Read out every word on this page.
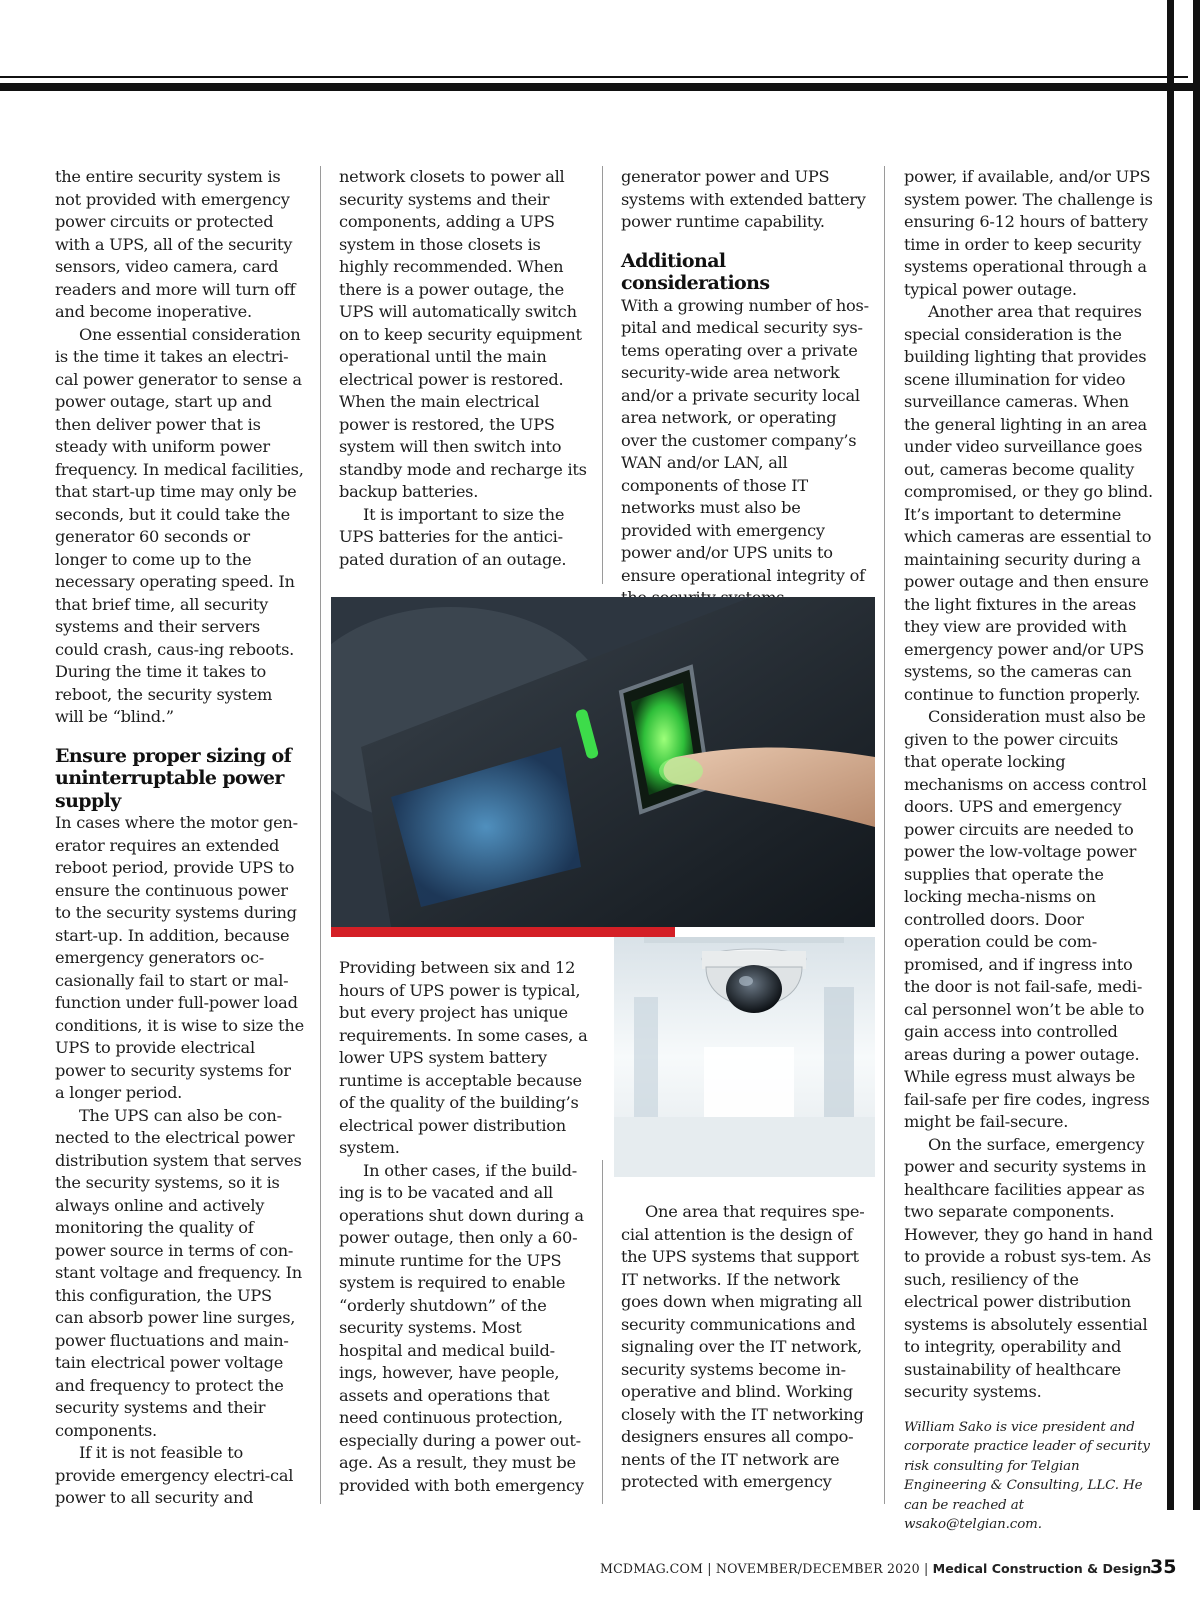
the entire security system is not provided with emergency power circuits or protected with a UPS, all of the security sensors, video camera, card readers and more will turn off and become inoperative.

One essential consideration is the time it takes an electri-cal power generator to sense a power outage, start up and then deliver power that is steady with uniform power frequency. In medical facilities, that start-up time may only be seconds, but it could take the generator 60 seconds or longer to come up to the necessary operating speed. In that brief time, all security systems and their servers could crash, caus-ing reboots. During the time it takes to reboot, the security system will be “blind.”

Ensure proper sizing of uninterruptable power supply

In cases where the motor gen-erator requires an extended reboot period, provide UPS to ensure the continuous power to the security systems during start-up. In addition, because emergency generators oc-casionally fail to start or mal-function under full-power load conditions, it is wise to size the UPS to provide electrical power to security systems for a longer period.

The UPS can also be con-nected to the electrical power distribution system that serves the security systems, so it is always online and actively monitoring the quality of power source in terms of con-stant voltage and frequency. In this configuration, the UPS can absorb power line surges, power fluctuations and main-tain electrical power voltage and frequency to protect the security systems and their components.

If it is not feasible to provide emergency electri-cal power to all security and

network closets to power all security systems and their components, adding a UPS system in those closets is highly recommended. When there is a power outage, the UPS will automatically switch on to keep security equipment operational until the main electrical power is restored. When the main electrical power is restored, the UPS system will then switch into standby mode and recharge its backup batteries.

It is important to size the UPS batteries for the antici-pated duration of an outage.

Providing between six and 12 hours of UPS power is typical, but every project has unique requirements. In some cases, a lower UPS system battery runtime is acceptable because of the quality of the building’s electrical power distribution system.

In other cases, if the build-ing is to be vacated and all operations shut down during a power outage, then only a 60-minute runtime for the UPS system is required to enable “orderly shutdown” of the security systems. Most hospital and medical build-ings, however, have people, assets and operations that need continuous protection, especially during a power out-age. As a result, they must be provided with both emergency

generator power and UPS systems with extended battery power runtime capability.

Additional considerations

With a growing number of hos-pital and medical security sys-tems operating over a private security-wide area network and/or a private security local area network, or operating over the customer company’s WAN and/or LAN, all components of those IT networks must also be provided with emergency power and/or UPS units to ensure operational integrity of

One area that requires spe-cial attention is the design of the UPS systems that support IT networks. If the network goes down when migrating all security communications and signaling over the IT network, security systems become in-operative and blind. Working closely with the IT networking designers ensures all compo-nents of the IT network are protected with emergency

power, if available, and/or UPS system power. The challenge is ensuring 6-12 hours of battery time in order to keep security systems operational through a typical power outage.

Another area that requires special consideration is the building lighting that provides scene illumination for video surveillance cameras. When the general lighting in an area under video surveillance goes out, cameras become quality compromised, or they go blind. It’s important to determine which cameras are essential to maintaining security during a power outage and then ensure the light fixtures in the areas they view are provided with emergency power and/or UPS systems, so the cameras can continue to function properly.

Consideration must also be given to the power circuits that operate locking mechanisms on access control doors. UPS and emergency power circuits are needed to power the low-voltage power supplies that operate the locking mecha-nisms on controlled doors. Door operation could be com-promised, and if ingress into the door is not fail-safe, medi-cal personnel won’t be able to gain access into controlled areas during a power outage. While egress must always be fail-safe per fire codes, ingress might be fail-secure.

On the surface, emergency power and security systems in healthcare facilities appear as two separate components. However, they go hand in hand to provide a robust sys-tem. As such, resiliency of the electrical power distribution systems is absolutely essential to integrity, operability and sustainability of healthcare security systems.

William Sako is vice president and corporate practice leader of security risk consulting for Telgian Engineering & Consulting, LLC. He can be reached at wsako@telgian.com.

MCDMAG.COM | NOVEMBER/DECEMBER 2020 | Medical Construction & Design
35
